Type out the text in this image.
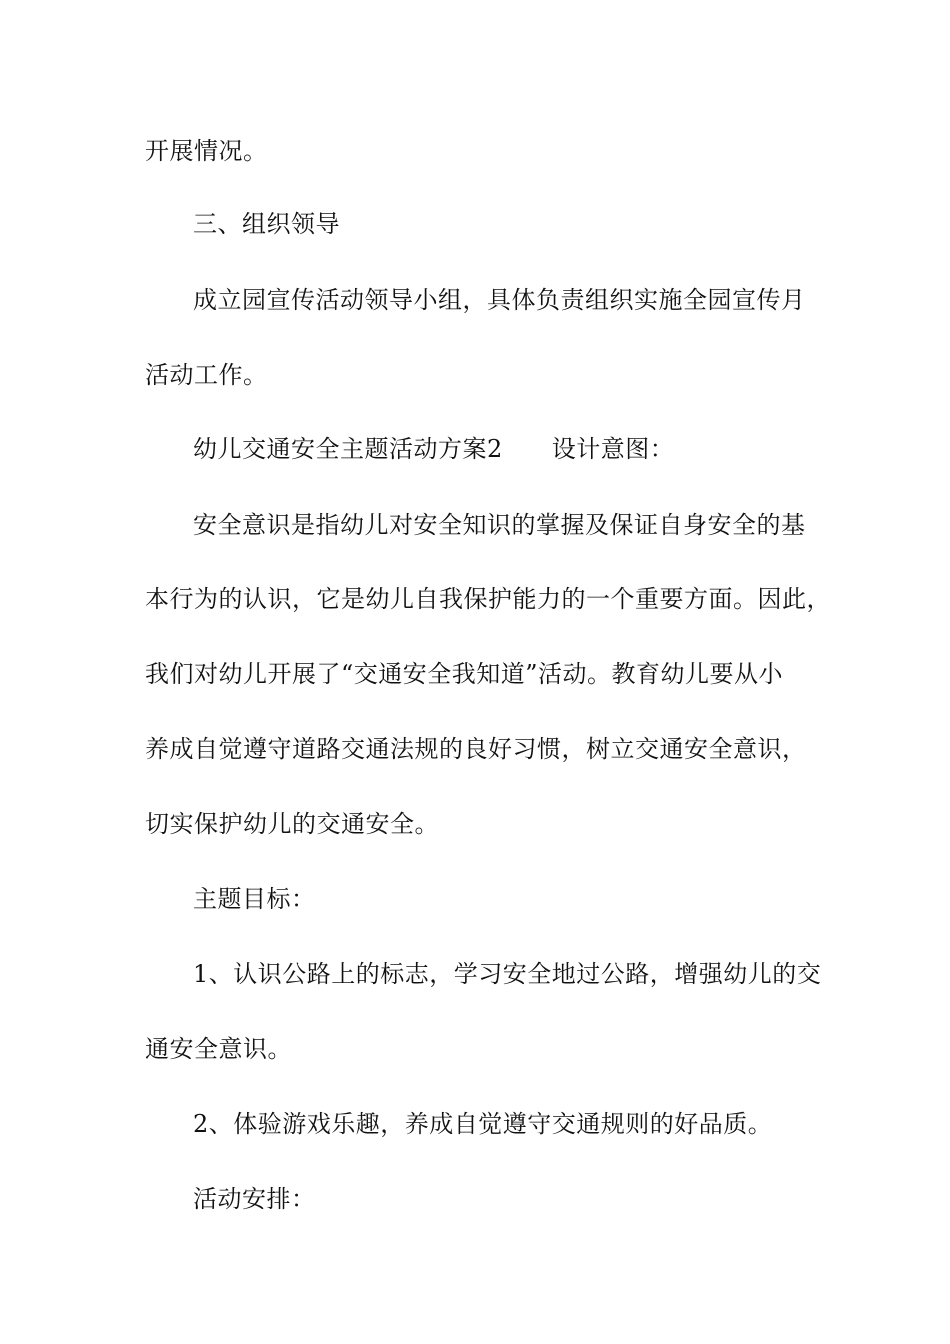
开展情况。
三、组织领导
成立园宣传活动领导小组，具体负责组织实施全园宣传月
活动工作。
幼儿交通安全主题活动方案2　　设计意图：
安全意识是指幼儿对安全知识的掌握及保证自身安全的基
本行为的认识，它是幼儿自我保护能力的一个重要方面。因此，
我们对幼儿开展了“交通安全我知道”活动。教育幼儿要从小
养成自觉遵守道路交通法规的良好习惯，树立交通安全意识，
切实保护幼儿的交通安全。
主题目标：
1、认识公路上的标志，学习安全地过公路，增强幼儿的交
通安全意识。
2、体验游戏乐趣，养成自觉遵守交通规则的好品质。
活动安排：
